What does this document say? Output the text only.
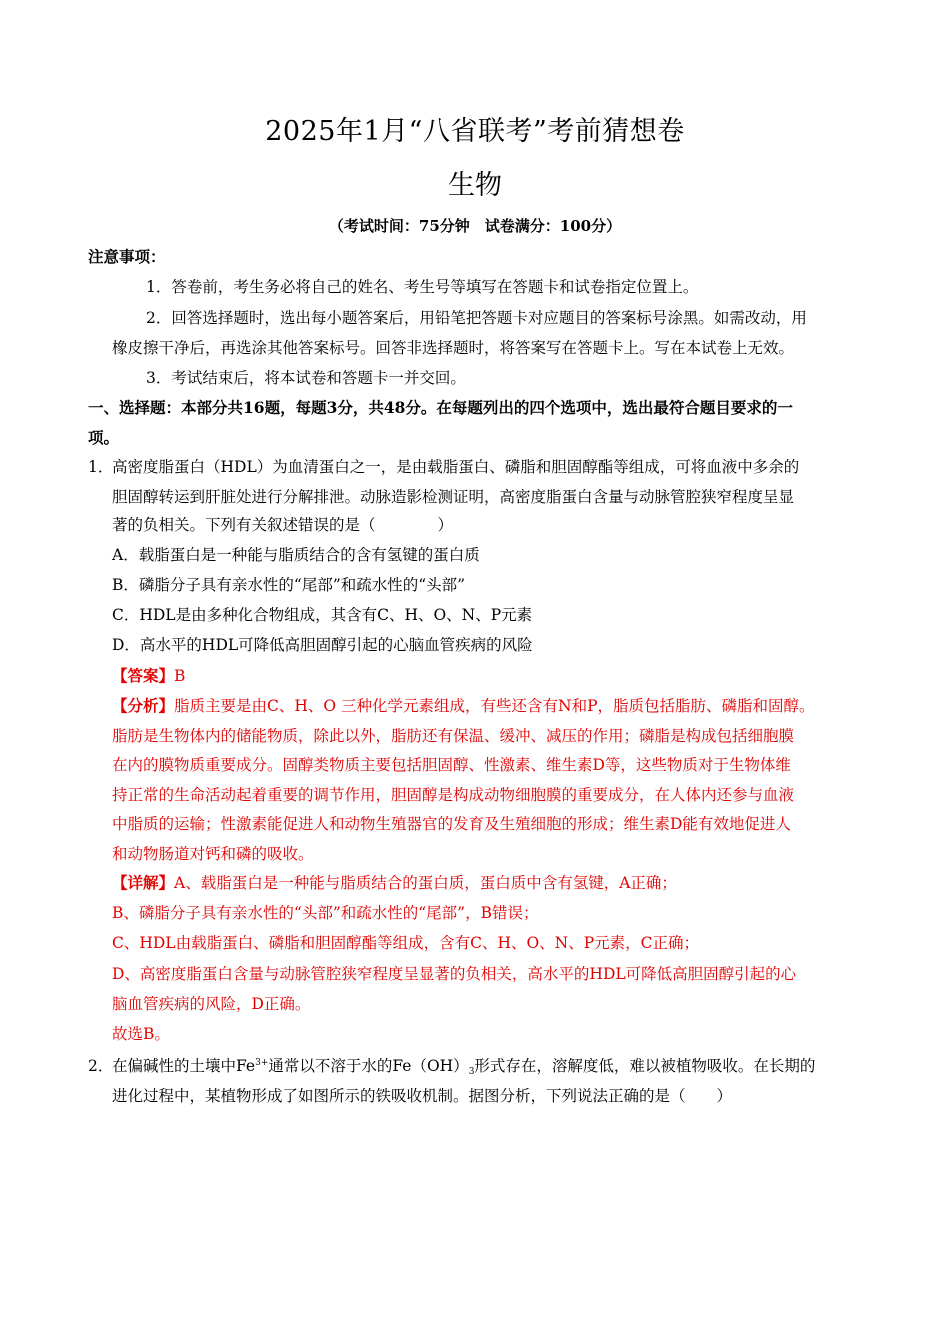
2025年1月“八省联考”考前猜想卷
生物
（考试时间：75分钟　试卷满分：100分）
注意事项：
1．答卷前，考生务必将自己的姓名、考生号等填写在答题卡和试卷指定位置上。
2．回答选择题时，选出每小题答案后，用铅笔把答题卡对应题目的答案标号涂黑。如需改动，用
橡皮擦干净后，再选涂其他答案标号。回答非选择题时，将答案写在答题卡上。写在本试卷上无效。
3．考试结束后，将本试卷和答题卡一并交回。
一、选择题：本部分共16题，每题3分，共48分。在每题列出的四个选项中，选出最符合题目要求的一
项。
1．
高密度脂蛋白（HDL）为血清蛋白之一，是由载脂蛋白、磷脂和胆固醇酯等组成，可将血液中多余的
胆固醇转运到肝脏处进行分解排泄。动脉造影检测证明，高密度脂蛋白含量与动脉管腔狭窄程度呈显
著的负相关。下列有关叙述错误的是（　　　　）
A．载脂蛋白是一种能与脂质结合的含有氢键的蛋白质
B．磷脂分子具有亲水性的“尾部”和疏水性的“头部”
C．HDL是由多种化合物组成，其含有C、H、O、N、P元素
D．高水平的HDL可降低高胆固醇引起的心脑血管疾病的风险
【答案】B
【分析】脂质主要是由C、H、O 三种化学元素组成，有些还含有N和P，脂质包括脂肪、磷脂和固醇。
脂肪是生物体内的储能物质，除此以外，脂肪还有保温、缓冲、减压的作用；磷脂是构成包括细胞膜
在内的膜物质重要成分。固醇类物质主要包括胆固醇、性激素、维生素D等，这些物质对于生物体维
持正常的生命活动起着重要的调节作用，胆固醇是构成动物细胞膜的重要成分，在人体内还参与血液
中脂质的运输；性激素能促进人和动物生殖器官的发育及生殖细胞的形成；维生素D能有效地促进人
和动物肠道对钙和磷的吸收。
【详解】A、载脂蛋白是一种能与脂质结合的蛋白质，蛋白质中含有氢键，A正确；
B、磷脂分子具有亲水性的“头部”和疏水性的“尾部”，B错误；
C、HDL由载脂蛋白、磷脂和胆固醇酯等组成，含有C、H、O、N、P元素，C正确；
D、高密度脂蛋白含量与动脉管腔狭窄程度呈显著的负相关，高水平的HDL可降低高胆固醇引起的心
脑血管疾病的风险，D正确。
故选B。
2．
在偏碱性的土壤中$Fe^{3+}$通常以不溶于水的$Fe(OH)_3$形式存在，溶解度低，难以被植物吸收。在长期的
进化过程中，某植物形成了如图所示的铁吸收机制。据图分析，下列说法正确的是（　　）
